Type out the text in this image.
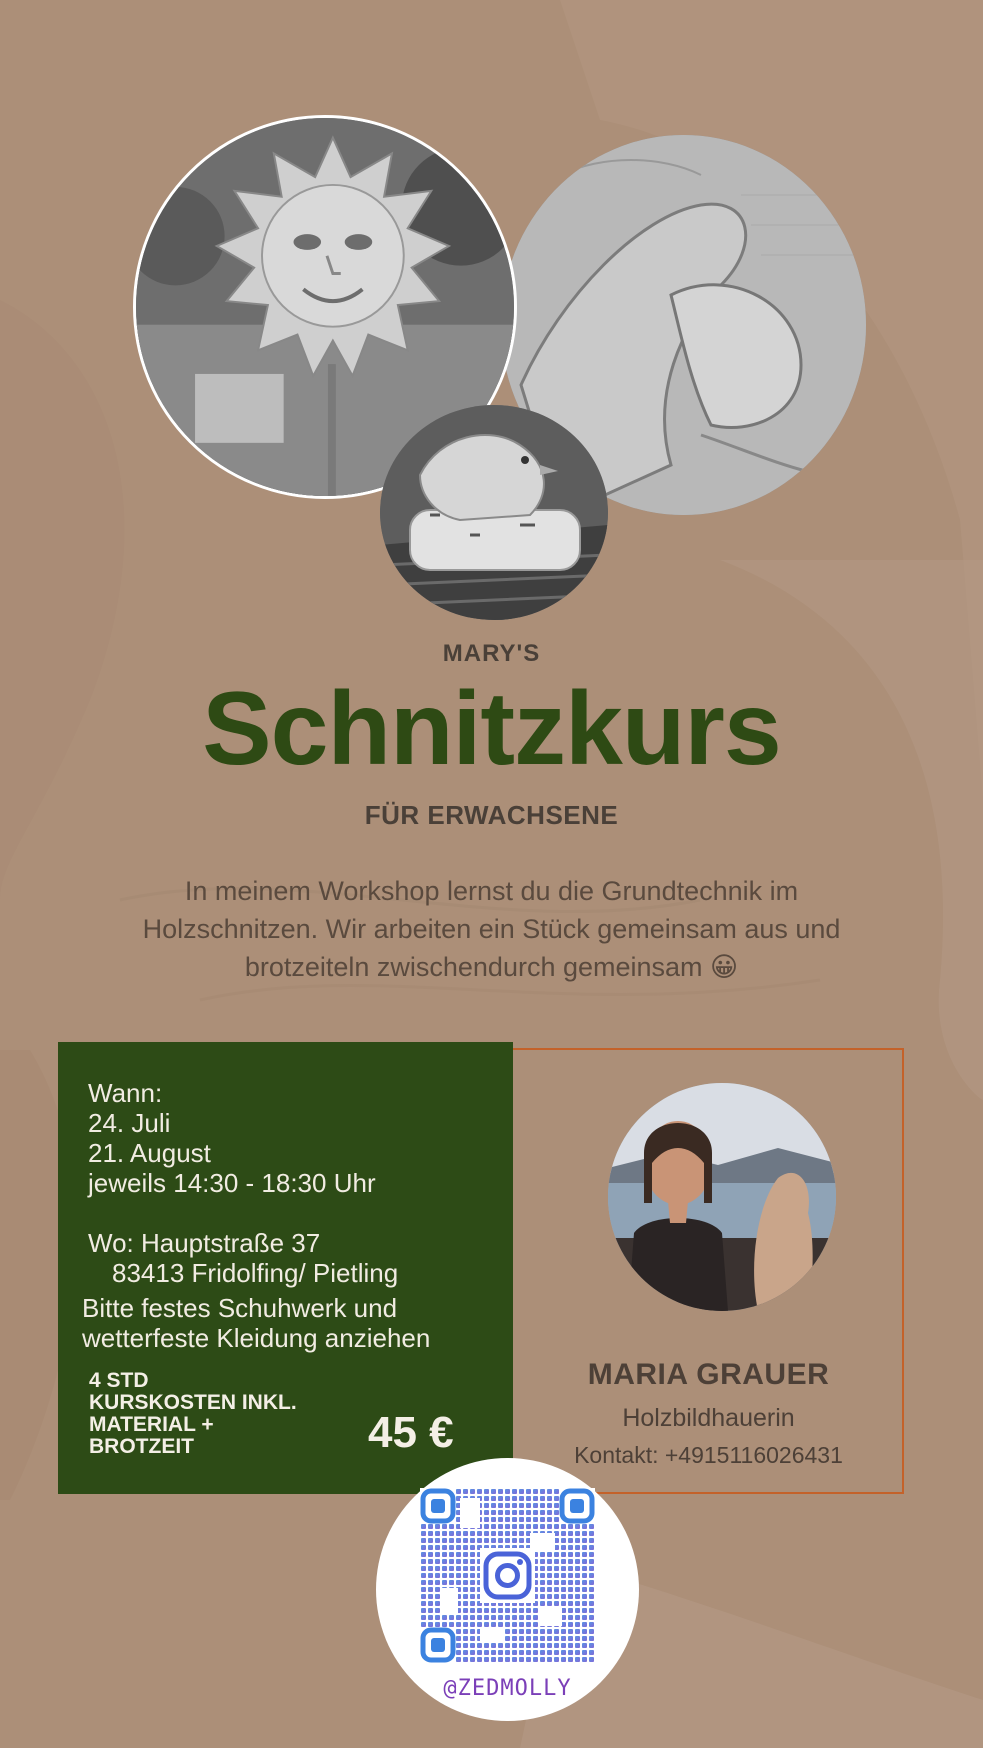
MARY'S
Schnitzkurs
FÜR ERWACHSENE
In meinem Workshop lernst du die Grundtechnik im
Holzschnitzen. Wir arbeiten ein Stück gemeinsam aus und
brotzeiteln zwischendurch gemeinsam 😀
Wann:
24. Juli
21. August
jeweils 14:30 - 18:30 Uhr
Wo: Hauptstraße 37
83413 Fridolfing/ Pietling
Bitte festes Schuhwerk und
wetterfeste Kleidung anziehen
4 STD
KURSKOSTEN INKL.
MATERIAL +
BROTZEIT	45 €
MARIA GRAUER
Holzbildhauerin
Kontakt: +4915116026431
@ZEDMOLLY
